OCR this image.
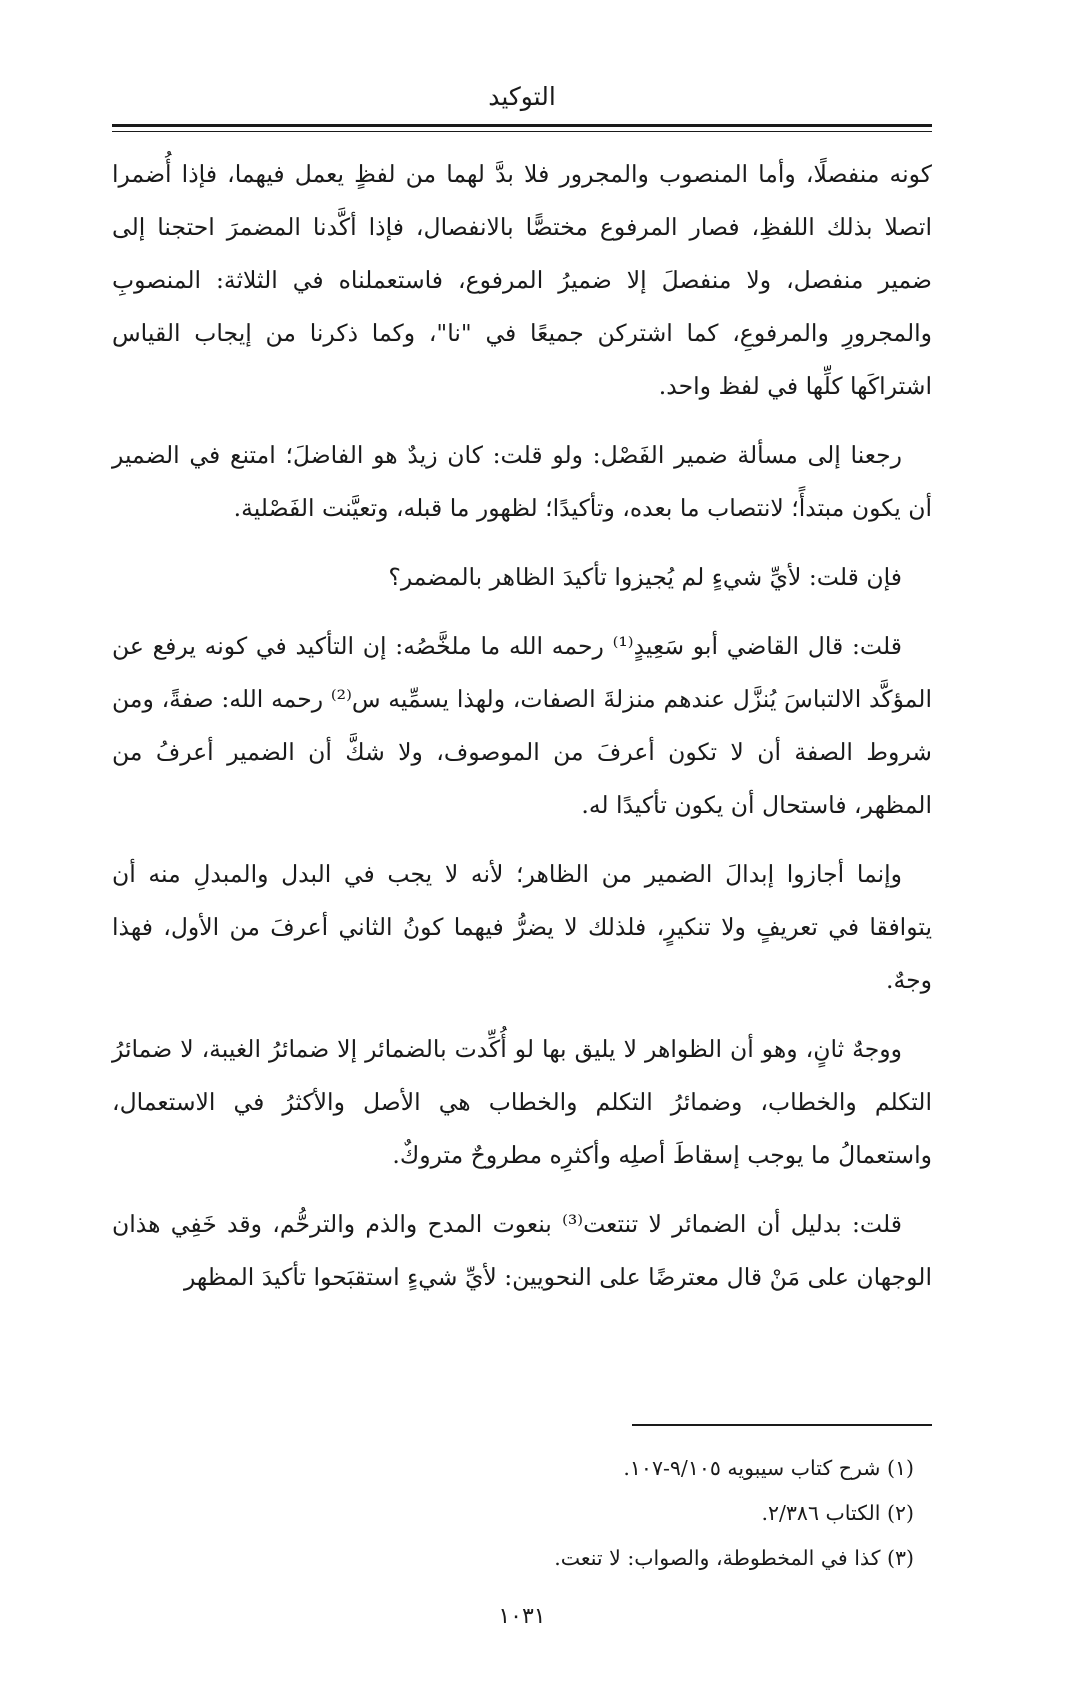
التوكيد

كونه منفصلًا، وأما المنصوب والمجرور فلا بدَّ لهما من لفظٍ يعمل فيهما، فإذا أُضمرا اتصلا بذلك اللفظِ، فصار المرفوع مختصًّا بالانفصال، فإذا أكَّدنا المضمرَ احتجنا إلى ضمير منفصل، ولا منفصلَ إلا ضميرُ المرفوع، فاستعملناه في الثلاثة: المنصوبِ والمجرورِ والمرفوعِ، كما اشتركن جميعًا في "نا"، وكما ذكرنا من إيجاب القياس اشتراكَها كلِّها في لفظ واحد.

رجعنا إلى مسألة ضمير الفَصْل: ولو قلت: كان زيدٌ هو الفاضلَ؛ امتنع في الضمير أن يكون مبتدأً؛ لانتصاب ما بعده، وتأكيدًا؛ لظهور ما قبله، وتعيَّنت الفَصْلية.

فإن قلت: لأيِّ شيءٍ لم يُجيزوا تأكيدَ الظاهر بالمضمر؟

قلت: قال القاضي أبو سَعِيدٍ⁽¹⁾ رحمه الله ما ملخَّصُه: إن التأكيد في كونه يرفع عن المؤكَّد الالتباسَ يُنزَّل عندهم منزلةَ الصفات، ولهذا يسمِّيه س⁽²⁾ رحمه الله: صفةً، ومن شروط الصفة أن لا تكون أعرفَ من الموصوف، ولا شكَّ أن الضمير أعرفُ من المظهر، فاستحال أن يكون تأكيدًا له.

وإنما أجازوا إبدالَ الضمير من الظاهر؛ لأنه لا يجب في البدل والمبدلِ منه أن يتوافقا في تعريفٍ ولا تنكيرٍ، فلذلك لا يضرُّ فيهما كونُ الثاني أعرفَ من الأول، فهذا وجهٌ.

ووجهٌ ثانٍ، وهو أن الظواهر لا يليق بها لو أُكِّدت بالضمائر إلا ضمائرُ الغيبة، لا ضمائرُ التكلم والخطاب، وضمائرُ التكلم والخطاب هي الأصل والأكثرُ في الاستعمال، واستعمالُ ما يوجب إسقاطَ أصلِه وأكثرِه مطروحٌ متروكٌ.

قلت: بدليل أن الضمائر لا تنتعت⁽³⁾ بنعوت المدح والذم والترحُّم، وقد خَفِي هذان الوجهان على مَنْ قال معترضًا على النحويين: لأيِّ شيءٍ استقبَحوا تأكيدَ المظهر

(١) شرح كتاب سيبويه ٩/١٠٥-١٠٧.

(٢) الكتاب ٢/٣٨٦.

(٣) كذا في المخطوطة، والصواب: لا تنعت.

١٠٣١
